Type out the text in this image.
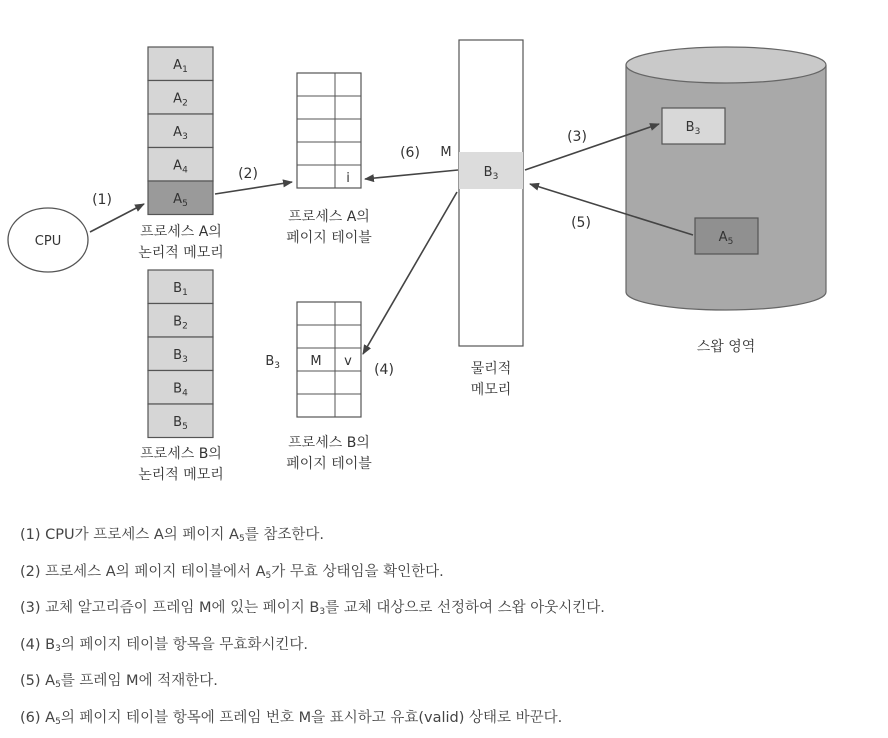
CPU
$A_1$
$A_2$
$A_3$
$A_4$
$A_5$
프로세스 A의
논리적 메모리
$B_1$
$B_2$
$B_3$
$B_4$
$B_5$
프로세스 B의
논리적 메모리
i
프로세스 A의
페이지 테이블
M v
$B_3$
프로세스 B의
페이지 테이블
$B_3$
M
물리적
메모리
$B_3$
$A_5$
스왑 영역
(1)
(2)
(3)
(4)
(5)
(6)
(1) CPU가 프로세스 A의 페이지 $A_5$를 참조한다.
(2) 프로세스 A의 페이지 테이블에서 $A_5$가 무효 상태임을 확인한다.
(3) 교체 알고리즘이 프레임 M에 있는 페이지 $B_3$를 교체 대상으로 선정하여 스왑 아웃시킨다.
(4) $B_3$의 페이지 테이블 항목을 무효화시킨다.
(5) $A_5$를 프레임 M에 적재한다.
(6) $A_5$의 페이지 테이블 항목에 프레임 번호 M을 표시하고 유효(valid) 상태로 바꾼다.
